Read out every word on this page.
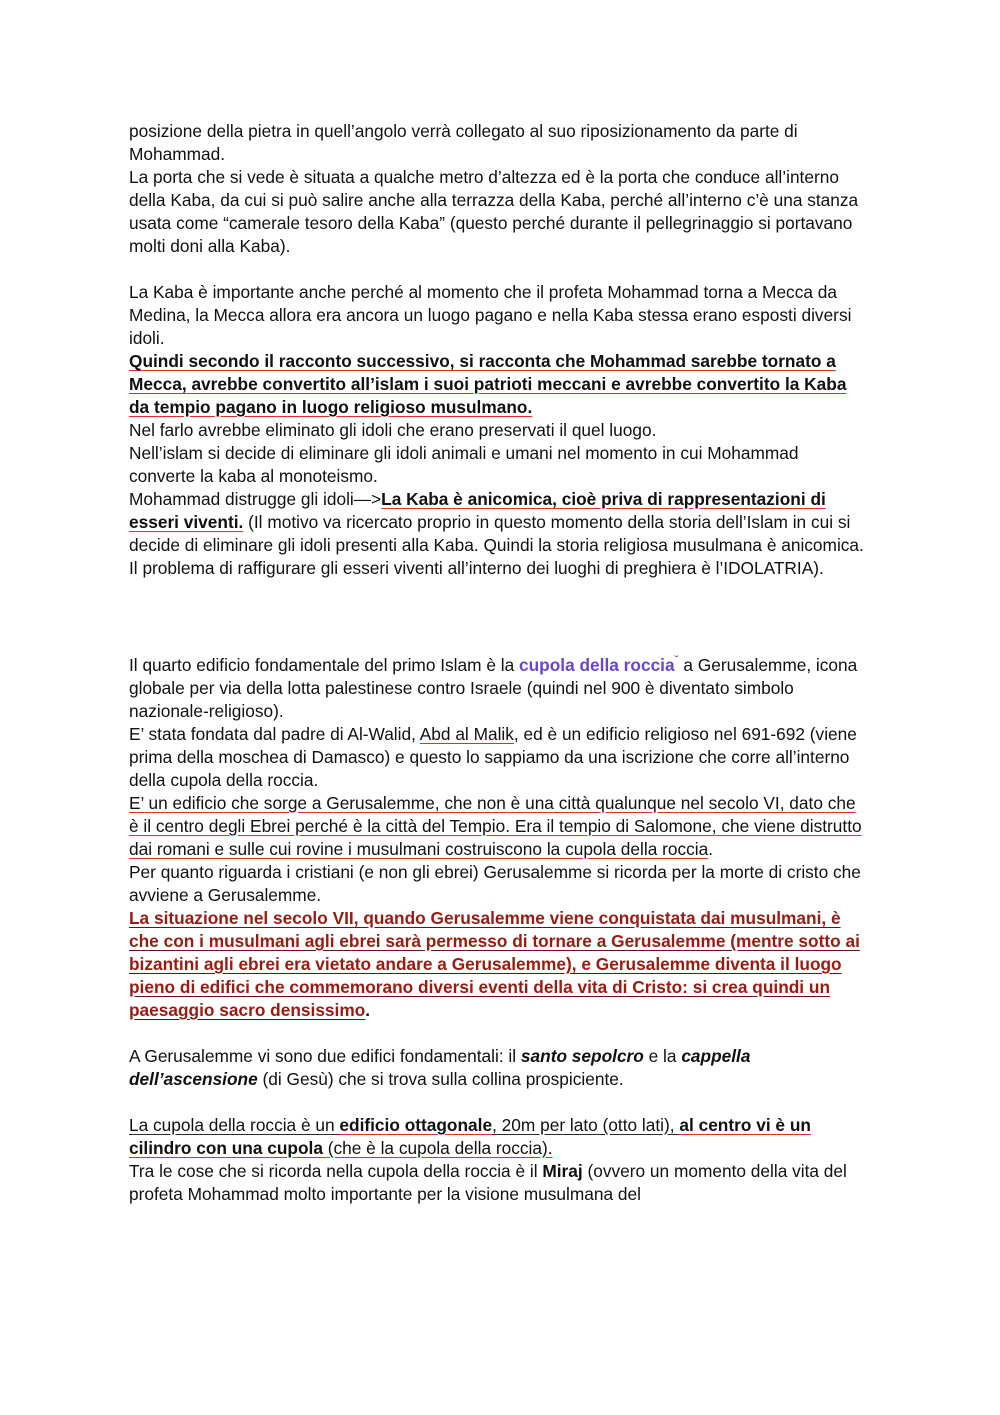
posizione della pietra in quell’angolo verrà collegato al suo riposizionamento da parte di Mohammad.

La porta che si vede è situata a qualche metro d’altezza ed è la porta che conduce all’interno della Kaba, da cui si può salire anche alla terrazza della Kaba, perché all’interno c’è una stanza usata come “camerale tesoro della Kaba” (questo perché durante il pellegrinaggio si portavano molti doni alla Kaba).

La Kaba è importante anche perché al momento che il profeta Mohammad torna a Mecca da Medina, la Mecca allora era ancora un luogo pagano e nella Kaba stessa erano esposti diversi idoli.

Quindi secondo il racconto successivo, si racconta che Mohammad sarebbe tornato a Mecca, avrebbe convertito all’islam i suoi patrioti meccani e avrebbe convertito la Kaba da tempio pagano in luogo religioso musulmano.

Nel farlo avrebbe eliminato gli idoli che erano preservati il quel luogo.

Nell’islam si decide di eliminare gli idoli animali e umani nel momento in cui Mohammad converte la kaba al monoteismo.

Mohammad distrugge gli idoli—>La Kaba è anicomica, cioè priva di rappresentazioni di esseri viventi. (Il motivo va ricercato proprio in questo momento della storia dell’Islam in cui si decide di eliminare gli idoli presenti alla Kaba. Quindi la storia religiosa musulmana è anicomica. Il problema di raffigurare gli esseri viventi all’interno dei luoghi di preghiera è l’IDOLATRIA).

Il quarto edificio fondamentale del primo Islam è la cupola della roccia˘ a Gerusalemme, icona globale per via della lotta palestinese contro Israele (quindi nel 900 è diventato simbolo nazionale-religioso).

E’ stata fondata dal padre di Al-Walid, Abd al Malik, ed è un edificio religioso nel 691-692 (viene prima della moschea di Damasco) e questo lo sappiamo da una iscrizione che corre all’interno della cupola della roccia.

E’ un edificio che sorge a Gerusalemme, che non è una città qualunque nel secolo VI, dato che è il centro degli Ebrei perché è la città del Tempio. Era il tempio di Salomone, che viene distrutto dai romani e sulle cui rovine i musulmani costruiscono la cupola della roccia.

Per quanto riguarda i cristiani (e non gli ebrei) Gerusalemme si ricorda per la morte di cristo che avviene a Gerusalemme.

La situazione nel secolo VII, quando Gerusalemme viene conquistata dai musulmani, è che con i musulmani agli ebrei sarà permesso di tornare a Gerusalemme (mentre sotto ai bizantini agli ebrei era vietato andare a Gerusalemme), e Gerusalemme diventa il luogo pieno di edifici che commemorano diversi eventi della vita di Cristo: si crea quindi un paesaggio sacro densissimo.

A Gerusalemme vi sono due edifici fondamentali: il santo sepolcro e la cappella dell’ascensione (di Gesù) che si trova sulla collina prospiciente.

La cupola della roccia è un edificio ottagonale, 20m per lato (otto lati), al centro vi è un cilindro con una cupola (che è la cupola della roccia).

Tra le cose che si ricorda nella cupola della roccia è il Miraj (ovvero un momento della vita del profeta Mohammad molto importante per la visione musulmana del
